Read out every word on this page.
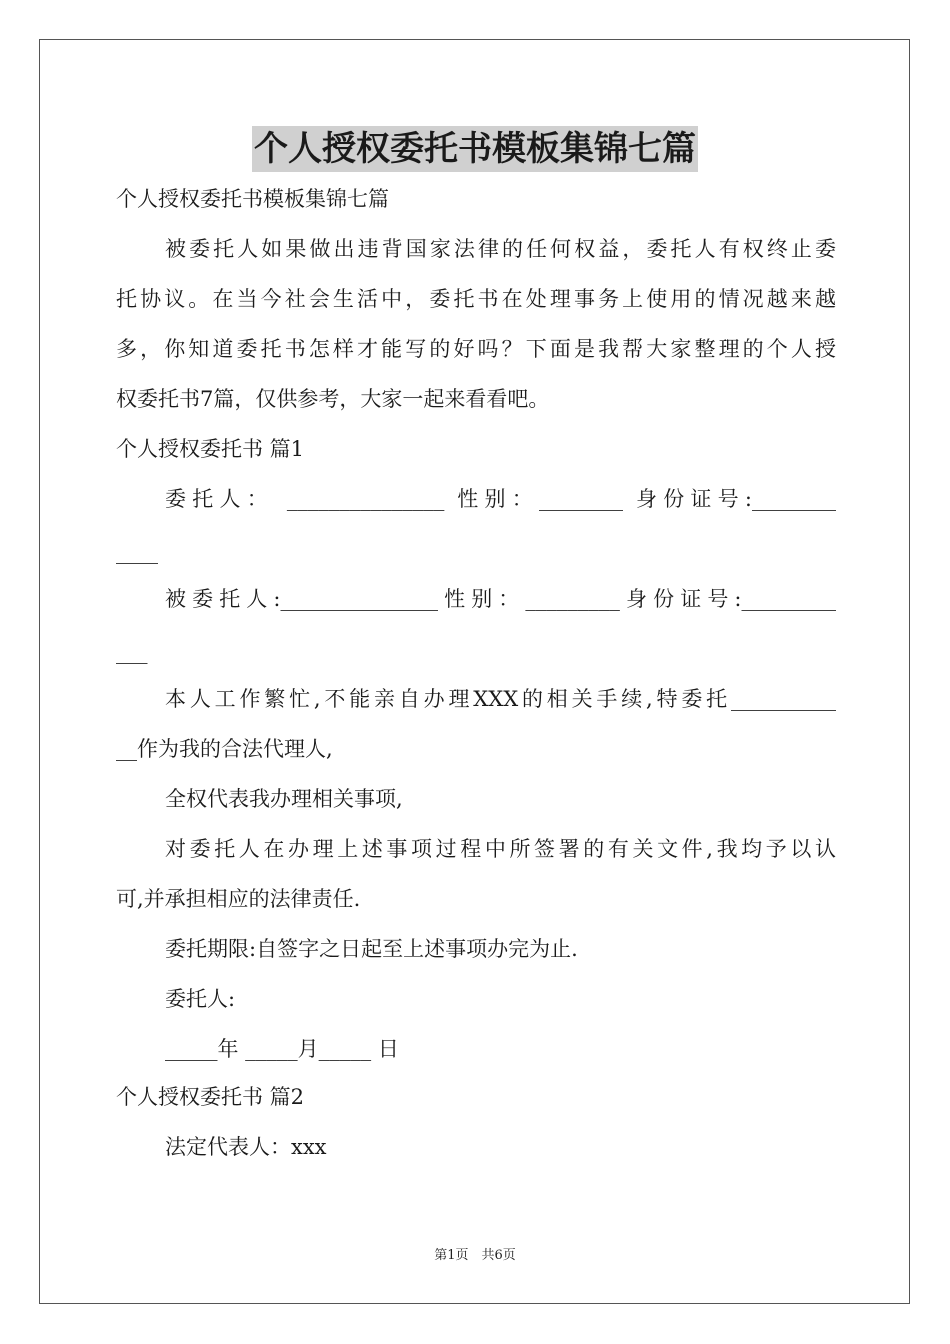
个人授权委托书模板集锦七篇
个人授权委托书模板集锦七篇
被委托人如果做出违背国家法律的任何权益，委托人有权终止委
托协议。在当今社会生活中，委托书在处理事务上使用的情况越来越
多，你知道委托书怎样才能写的好吗？下面是我帮大家整理的个人授
权委托书7篇，仅供参考，大家一起来看看吧。
个人授权委托书 篇1
委托人： _______________ 性别：________ 身份证号:________
____
被委托人:_______________性别：_________身份证号:_________
___
本人工作繁忙,不能亲自办理XXX的相关手续,特委托__________
__作为我的合法代理人,
全权代表我办理相关事项,
对委托人在办理上述事项过程中所签署的有关文件,我均予以认
可,并承担相应的法律责任.
委托期限:自签字之日起至上述事项办完为止.
委托人:
_____年 _____月_____ 日
个人授权委托书 篇2
法定代表人：xxx
第1页　共6页
